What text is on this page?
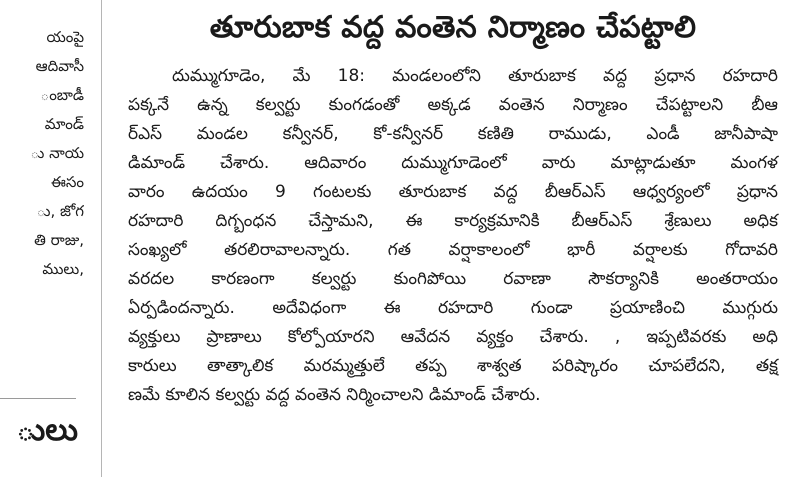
యంపై
ఆదివాసీ
ంబాడీ
మాండ్
ు నాయ
ఈసం
ు, జోగ
తి రాజు,
ములు,
ులు
తూరుబాక వద్ద వంతెన నిర్మాణం చేపట్టాలి
దుమ్ముగూడెం, మే 18: మండలంలోని తూరుబాక వద్ద ప్రధాన రహదారి
పక్కనే ఉన్న కల్వర్టు కుంగడంతో అక్కడ వంతెన నిర్మాణం చేపట్టాలని బీఆ
ర్ఎస్ మండల కన్వీనర్, కో-కన్వీనర్ కణితి రాముడు, ఎండీ జానీపాషా
డిమాండ్ చేశారు. ఆదివారం దుమ్ముగూడెంలో వారు మాట్లాడుతూ మంగళ
వారం ఉదయం 9 గంటలకు తూరుబాక వద్ద బీఆర్ఎస్ ఆధ్వర్యంలో ప్రధాన
రహదారి దిగ్బంధన చేస్తామని, ఈ కార్యక్రమానికి బీఆర్ఎస్ శ్రేణులు అధిక
సంఖ్యలో తరలిరావాలన్నారు. గత వర్షాకాలంలో భారీ వర్షాలకు గోదావరి
వరదల కారణంగా కల్వర్టు కుంగిపోయి రవాణా సౌకర్యానికి అంతరాయం
ఏర్పడిందన్నారు. అదేవిధంగా ఈ రహదారి గుండా ప్రయాణించి ముగ్గురు
వ్యక్తులు ప్రాణాలు కోల్పోయారని ఆవేదన వ్యక్తం చేశారు. , ఇప్పటివరకు అధి
కారులు తాత్కాలిక మరమ్మత్తులే తప్ప శాశ్వత పరిష్కారం చూపలేదని, తక్ష
ణమే కూలిన కల్వర్టు వద్ద వంతెన నిర్మించాలని డిమాండ్ చేశారు.
